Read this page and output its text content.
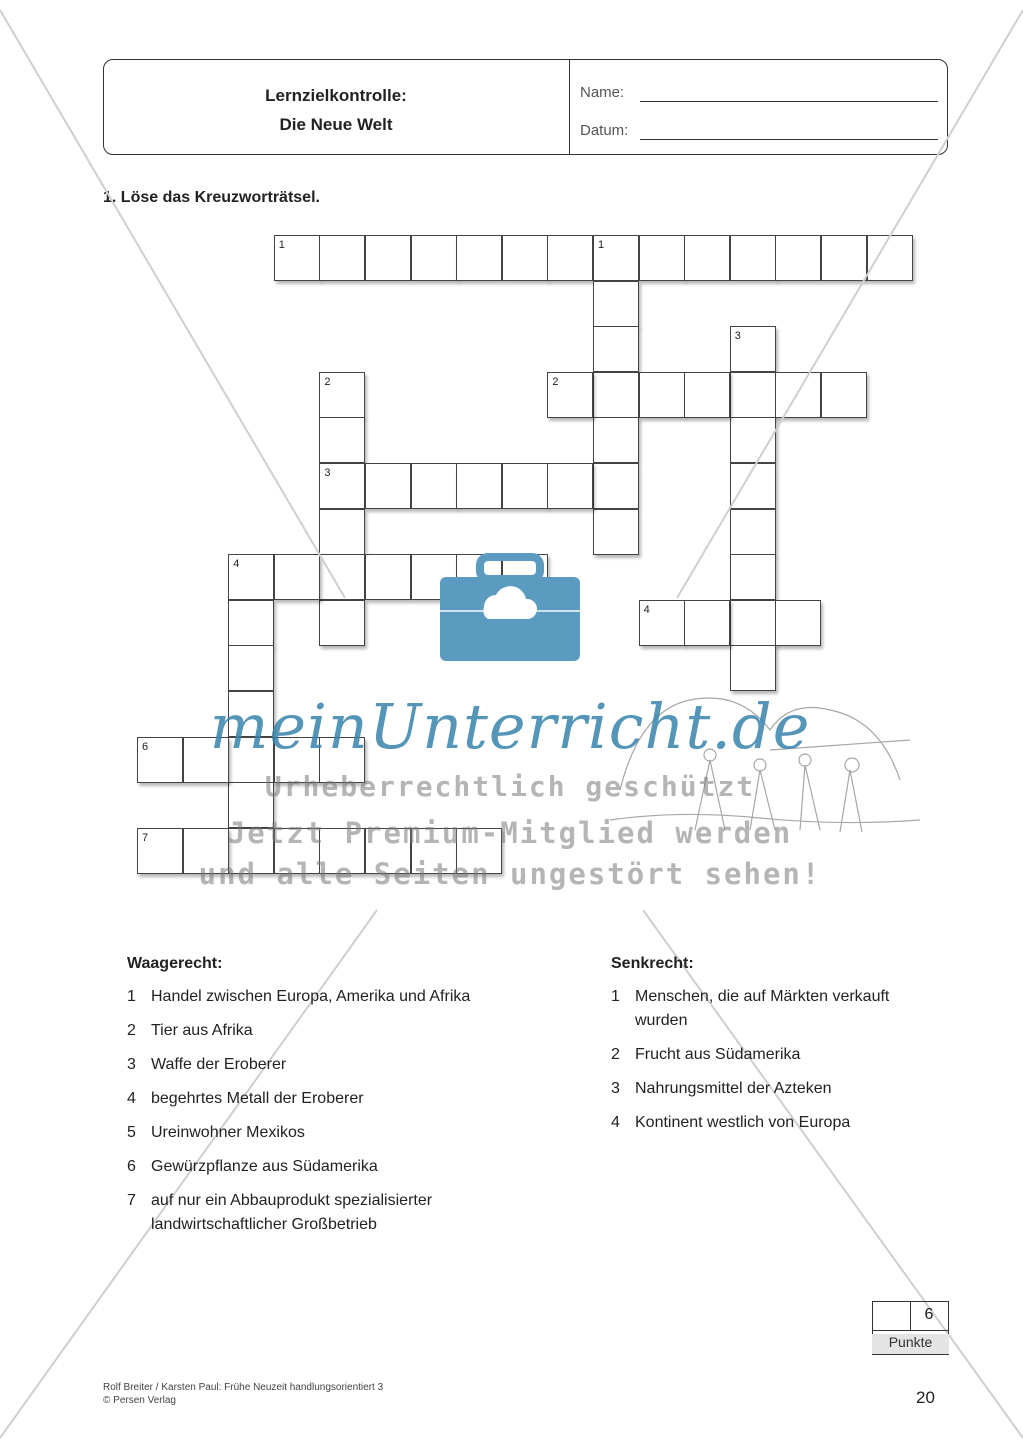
Lernzielkontrolle:
Die Neue Welt
Name:
Datum:
1. Löse das Kreuzworträtsel.
1	1
3
2	2
3
4
4
6
7
meinUnterricht.de
Urheberrechtlich geschützt
Jetzt Premium-Mitglied werden
und alle Seiten ungestört sehen!
Waagerecht:
1 Handel zwischen Europa, Amerika und Afrika
2 Tier aus Afrika
3 Waffe der Eroberer
4 begehrtes Metall der Eroberer
5 Ureinwohner Mexikos
6 Gewürzpflanze aus Südamerika
7 auf nur ein Abbauprodukt spezialisierter landwirtschaftlicher Großbetrieb
Senkrecht:
1 Menschen, die auf Märkten verkauft wurden
2 Frucht aus Südamerika
3 Nahrungsmittel der Azteken
4 Kontinent westlich von Europa
6
Punkte
Rolf Breiter / Karsten Paul: Frühe Neuzeit handlungsorientiert 3
© Persen Verlag	20
